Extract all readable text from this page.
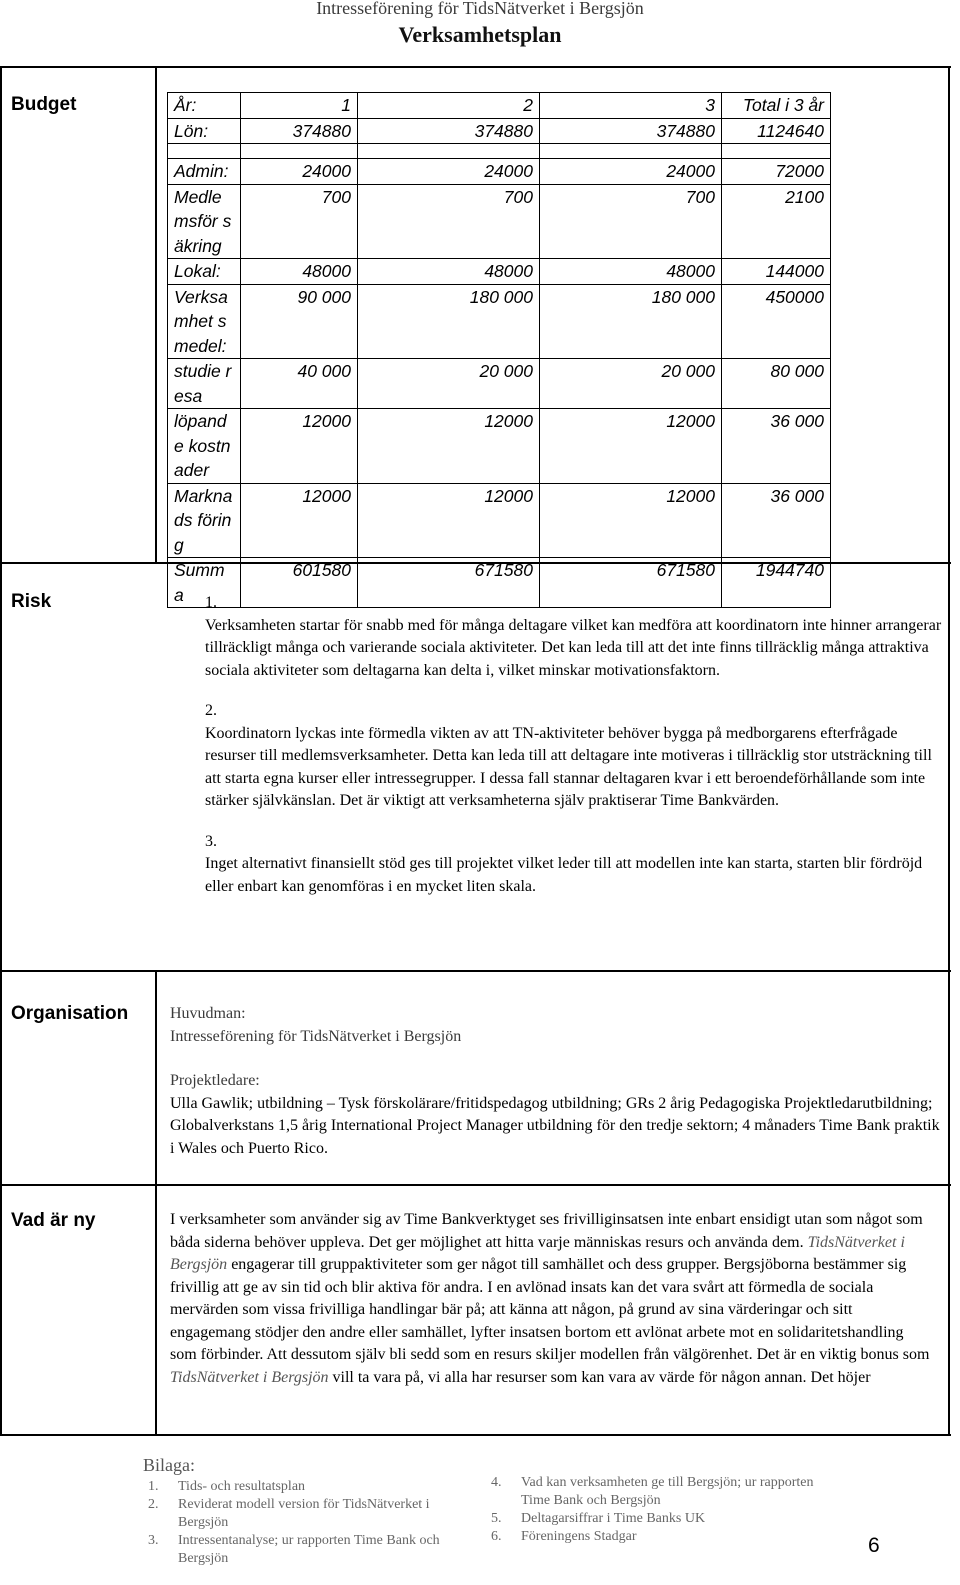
Intresseförening för TidsNätverket i Bergsjön
Verksamhetsplan
Budget	År:	1	2	3	Total i 3 år
Lön:	374880	374880	374880	1124640

Admin:	24000	24000	24000	72000
Medlemsför säkring	700	700	700	2100
Lokal:	48000	48000	48000	144000
Verksamhet smedel:	90 000	180 000	180 000	450000
studie resa	40 000	20 000	20 000	80 000
löpande kostnader	12000	12000	12000	36 000
Marknads föring	12000	12000	12000	36 000
Summa	601580	671580	671580	1944740
Risk	1.

Verksamheten startar för snabb med för många deltagare vilket kan medföra att koordinatorn inte hinner arrangerar tillräckligt många och varierande sociala aktiviteter. Det kan leda till att det inte finns tillräcklig många attraktiva sociala aktiviteter som deltagarna kan delta i, vilket minskar motivationsfaktorn.

2.

Koordinatorn lyckas inte förmedla vikten av att TN-aktiviteter behöver bygga på medborgarens efterfrågade resurser till medlemsverksamheter. Detta kan leda till att deltagare inte motiveras i tillräcklig stor utsträckning till att starta egna kurser eller intressegrupper. I dessa fall stannar deltagaren kvar i ett beroendeförhållande som inte stärker självkänslan. Det är viktigt att verksamheterna själv praktiserar Time Bankvärden.

3.

Inget alternativt finansiellt stöd ges till projektet vilket leder till att modellen inte kan starta, starten blir fördröjd eller enbart kan genomföras i en mycket liten skala.

Organisation	Huvudman:

Intresseförening för TidsNätverket i Bergsjön

Projektledare:

Ulla Gawlik; utbildning – Tysk förskolärare/fritidspedagog utbildning; GRs 2 årig Pedagogiska Projektledarutbildning; Globalverkstans 1,5 årig International Project Manager utbildning för den tredje sektorn; 4 månaders Time Bank praktik i Wales och Puerto Rico.

Vad är ny	I verksamheter som använder sig av Time Bankverktyget ses frivilliginsatsen inte enbart ensidigt utan som något som båda siderna behöver uppleva. Det ger möjlighet att hitta varje människas resurs och använda dem. TidsNätverket i Bergsjön engagerar till gruppaktiviteter som ger något till samhället och dess grupper. Bergsjöborna bestämmer sig frivillig att ge av sin tid och blir aktiva för andra. I en avlönad insats kan det vara svårt att förmedla de sociala mervärden som vissa frivilliga handlingar bär på; att känna att någon, på grund av sina värderingar och sitt engagemang stödjer den andre eller samhället, lyfter insatsen bortom ett avlönat arbete mot en solidaritetshandling som förbinder. Att dessutom själv bli sedd som en resurs skiljer modellen från välgörenhet. Det är en viktig bonus som TidsNätverket i Bergsjön vill ta vara på, vi alla har resurser som kan vara av värde för någon annan. Det höjer

Bilaga:
1. Tids- och resultatsplan
2. Reviderat modell version för TidsNätverket i Bergsjön
3. Intressentanalyse; ur rapporten Time Bank och Bergsjön
4. Vad kan verksamheten ge till Bergsjön; ur rapporten Time Bank och Bergsjön
5. Deltagarsiffrar i Time Banks UK
6. Föreningens Stadgar	6
